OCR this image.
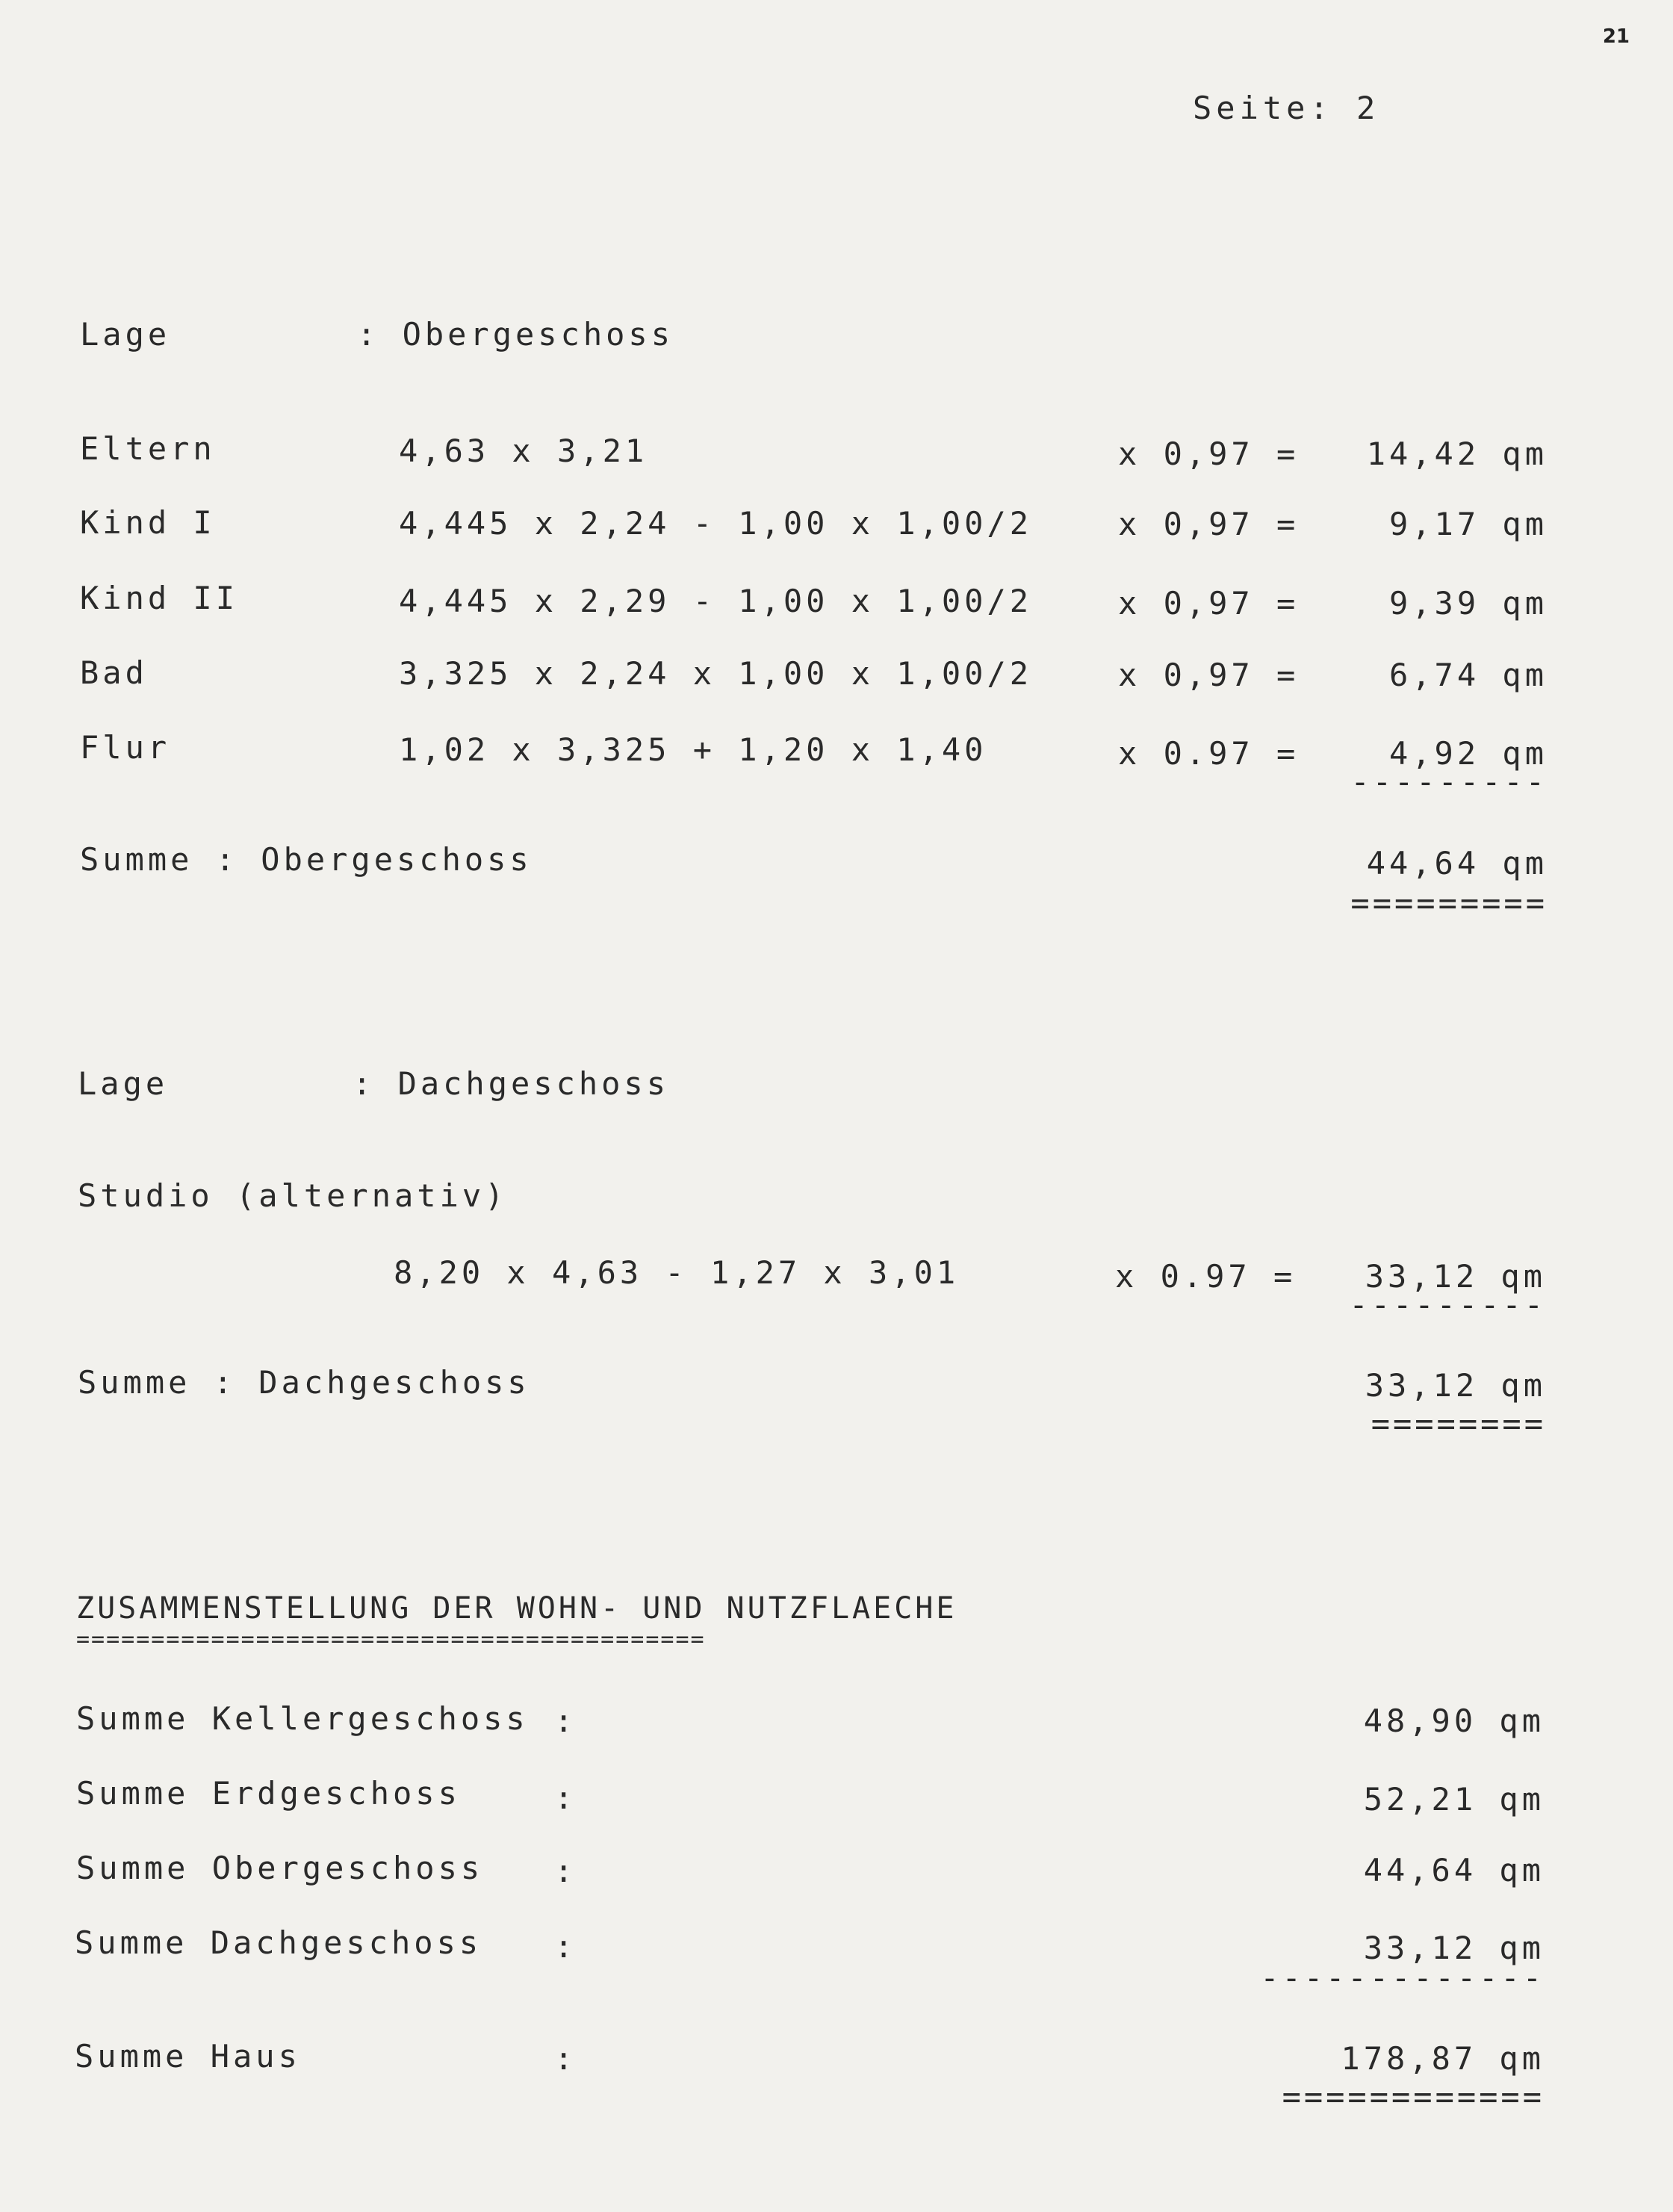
21
Seite: 2
Lage	: Obergeschoss
Eltern	4,63 x 3,21	x 0,97 = 14,42 qm
Kind I	4,445 x 2,24 - 1,00 x 1,00/2	x 0,97 =	9,17 qm
Kind II	4,445 x 2,29 - 1,00 x 1,00/2	x 0,97 =	9,39 qm
Bad	3,325 x 2,24 x 1,00 x 1,00/2	x 0,97 =	6,74 qm
Flur	1,02 x 3,325 + 1,20 x 1,40	x 0.97 =	4,92 qm
---------
Summe : Obergeschoss	44,64 qm
=========
Lage	: Dachgeschoss
Studio (alternativ)
8,20 x 4,63 - 1,27 x 3,01	x 0.97 = 33,12 qm
---------
Summe : Dachgeschoss	33,12 qm
========
ZUSAMMENSTELLUNG DER WOHN- UND NUTZFLAECHE
==========================================
Summe Kellergeschoss :	48,90 qm
Summe Erdgeschoss	:	52,21 qm
Summe Obergeschoss :	44,64 qm
Summe Dachgeschoss :	33,12 qm
-------------
Summe Haus	:	178,87 qm
============
